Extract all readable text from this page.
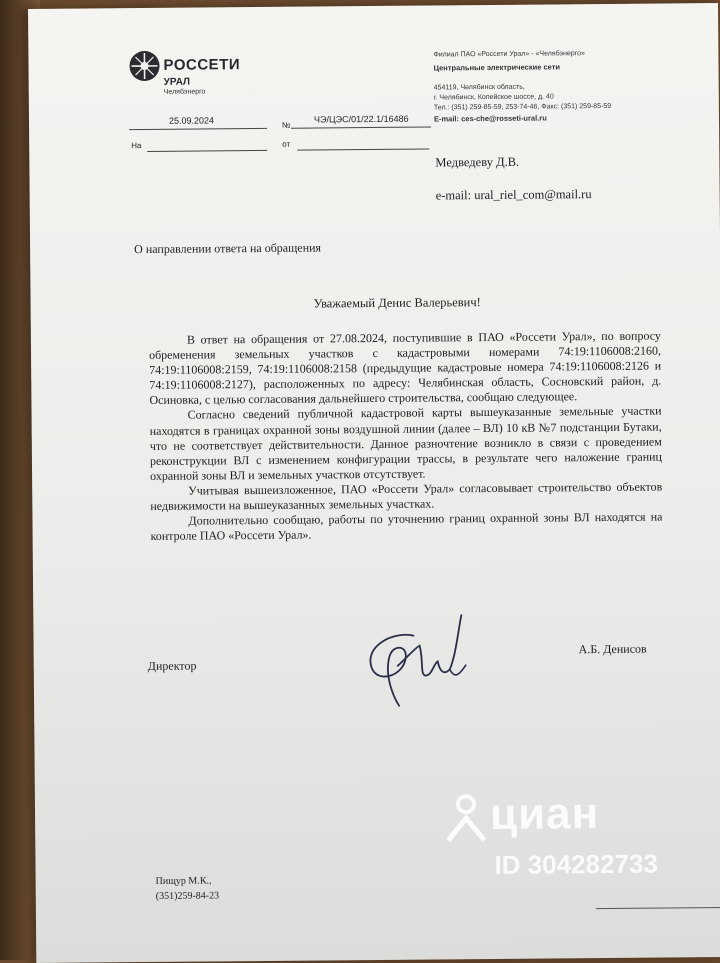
РОССЕТИ
УРАЛ
Челябэнерго
Филиал ПАО «Россети Урал» - «Челябэнерго»
Центральные электрические сети
454119, Челябинск область,
г. Челябинск, Копейское шоссе, д. 40
Тел.: (351) 259-85-59, 253-74-46, Факс: (351) 259-85-59
E-mail: ces-che@rosseti-ural.ru
25.09.2024	№
ЧЭ/ЦЭС/01/22.1/16486
На	от
Медведеву Д.В.
e-mail: ural_riel_com@mail.ru
О направлении ответа на обращения
Уважаемый Денис Валерьевич!

В ответ на обращения от 27.08.2024, поступившие в ПАО «Россети Урал», по вопросу обременения земельных участков с кадастровыми номерами 74:19:1106008:2160, 74:19:1106008:2159, 74:19:1106008:2158 (предыдущие кадастровые номера 74:19:1106008:2126 и 74:19:1106008:2127), расположенных по адресу: Челябинская область, Сосновский район, д. Осиновка, с целью согласования дальнейшего строительства, сообщаю следующее.

Согласно сведений публичной кадастровой карты вышеуказанные земельные участки находятся в границах охранной зоны воздушной линии (далее – ВЛ) 10 кВ №7 подстанции Бутаки, что не соответствует действительности. Данное разночтение возникло в связи с проведением реконструкции ВЛ с изменением конфигурации трассы, в результате чего наложение границ охранной зоны ВЛ и земельных участков отсутствует.

Учитывая вышеизложенное, ПАО «Россети Урал» согласовывает строительство объектов недвижимости на вышеуказанных земельных участках.

Дополнительно сообщаю, работы по уточнению границ охранной зоны ВЛ находятся на контроле ПАО «Россети Урал».

Директор
А.Б. Денисов
Пищур М.К.,
(351)259-84-23
циан
ID 304282733
